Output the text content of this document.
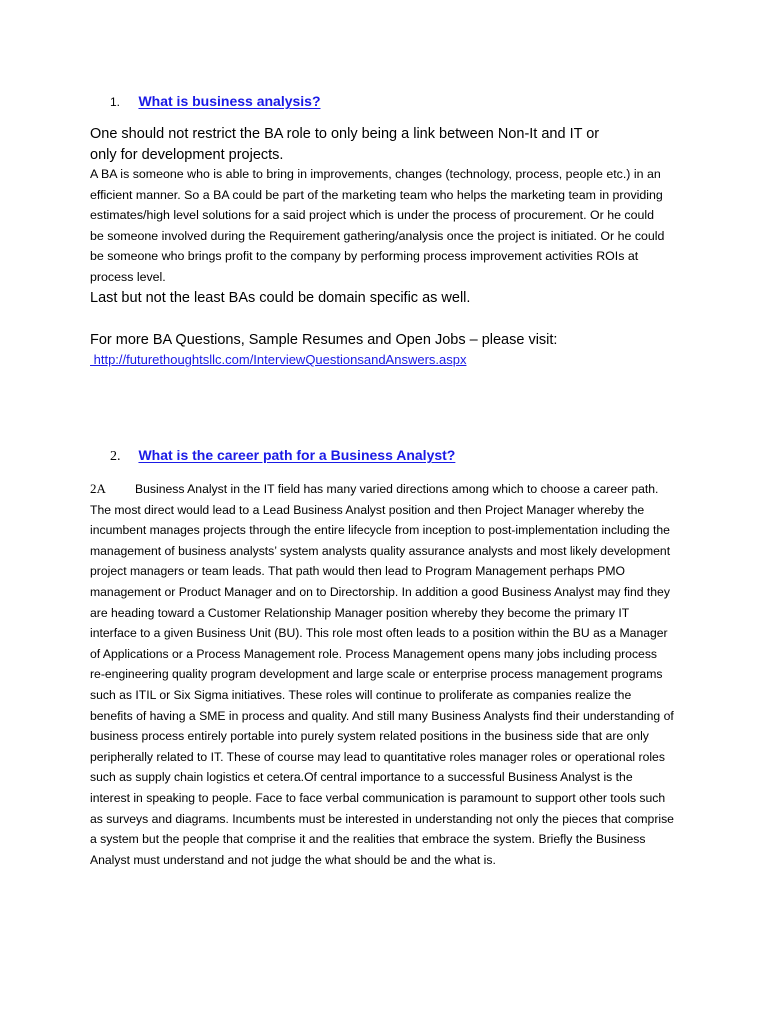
1. What is business analysis?
One should not restrict the BA role to only being a link between Non-It and IT or
only for development projects.
A BA is someone who is able to bring in improvements, changes (technology, process, people etc.) in an efficient manner. So a BA could be part of the marketing team who helps the marketing team in providing estimates/high level solutions for a said project which is under the process of procurement. Or he could be someone involved during the Requirement gathering/analysis once the project is initiated. Or he could be someone who brings profit to the company by performing process improvement activities ROIs at process level.
Last but not the least BAs could be domain specific as well.
For more BA Questions, Sample Resumes and Open Jobs – please visit:
http://futurethoughtsllc.com/InterviewQuestionsandAnswers.aspx
2. What is the career path for a Business Analyst?
2A Business Analyst in the IT field has many varied directions among which to choose a career path. The most direct would lead to a Lead Business Analyst position and then Project Manager whereby the incumbent manages projects through the entire lifecycle from inception to post-implementation including the management of business analysts’ system analysts quality assurance analysts and most likely development project managers or team leads. That path would then lead to Program Management perhaps PMO management or Product Manager and on to Directorship. In addition a good Business Analyst may find they are heading toward a Customer Relationship Manager position whereby they become the primary IT interface to a given Business Unit (BU). This role most often leads to a position within the BU as a Manager of Applications or a Process Management role. Process Management opens many jobs including process re-engineering quality program development and large scale or enterprise process management programs such as ITIL or Six Sigma initiatives. These roles will continue to proliferate as companies realize the benefits of having a SME in process and quality. And still many Business Analysts find their understanding of business process entirely portable into purely system related positions in the business side that are only peripherally related to IT. These of course may lead to quantitative roles manager roles or operational roles such as supply chain logistics et cetera.Of central importance to a successful Business Analyst is the interest in speaking to people. Face to face verbal communication is paramount to support other tools such as surveys and diagrams. Incumbents must be interested in understanding not only the pieces that comprise a system but the people that comprise it and the realities that embrace the system. Briefly the Business Analyst must understand and not judge the what should be and the what is.
